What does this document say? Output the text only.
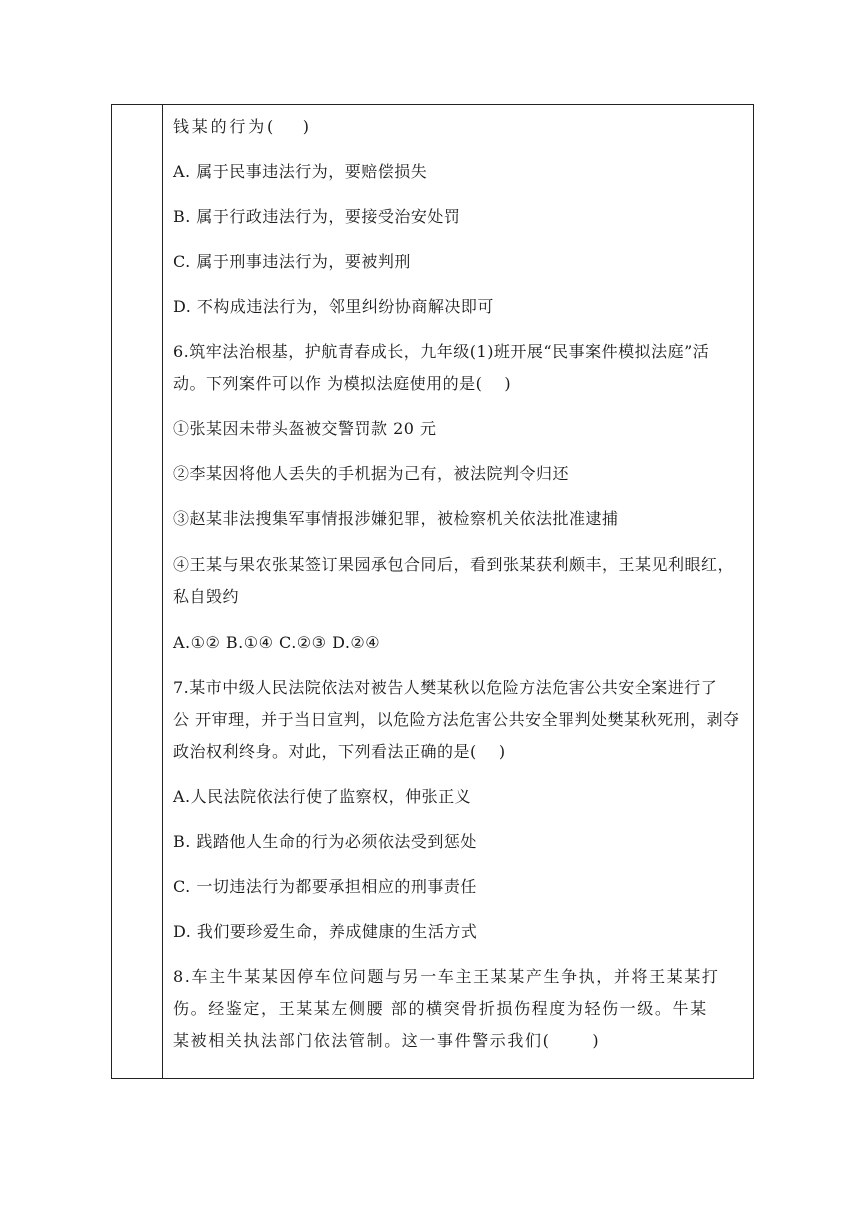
钱某的行为(　 )
A. 属于民事违法行为，要赔偿损失
B. 属于行政违法行为，要接受治安处罚
C. 属于刑事违法行为，要被判刑
D. 不构成违法行为，邻里纠纷协商解决即可
6.筑牢法治根基，护航青春成长，九年级(1)班开展“民事案件模拟法庭”活
动。下列案件可以作 为模拟法庭使用的是(　 )
①张某因未带头盔被交警罚款 20 元
②李某因将他人丢失的手机据为己有，被法院判令归还
③赵某非法搜集军事情报涉嫌犯罪，被检察机关依法批准逮捕
④王某与果农张某签订果园承包合同后，看到张某获利颇丰，王某见利眼红，
私自毁约
A.①② B.①④ C.②③ D.②④
7.某市中级人民法院依法对被告人樊某秋以危险方法危害公共安全案进行了
公 开审理，并于当日宣判，以危险方法危害公共安全罪判处樊某秋死刑，剥夺
政治权利终身。对此，下列看法正确的是(　 )
A.人民法院依法行使了监察权，伸张正义
B. 践踏他人生命的行为必须依法受到惩处
C. 一切违法行为都要承担相应的刑事责任
D. 我们要珍爱生命，养成健康的生活方式
8.车主牛某某因停车位问题与另一车主王某某产生争执，并将王某某打
伤。经鉴定，王某某左侧腰 部的横突骨折损伤程度为轻伤一级。牛某
某被相关执法部门依法管制。这一事件警示我们(　 　)
